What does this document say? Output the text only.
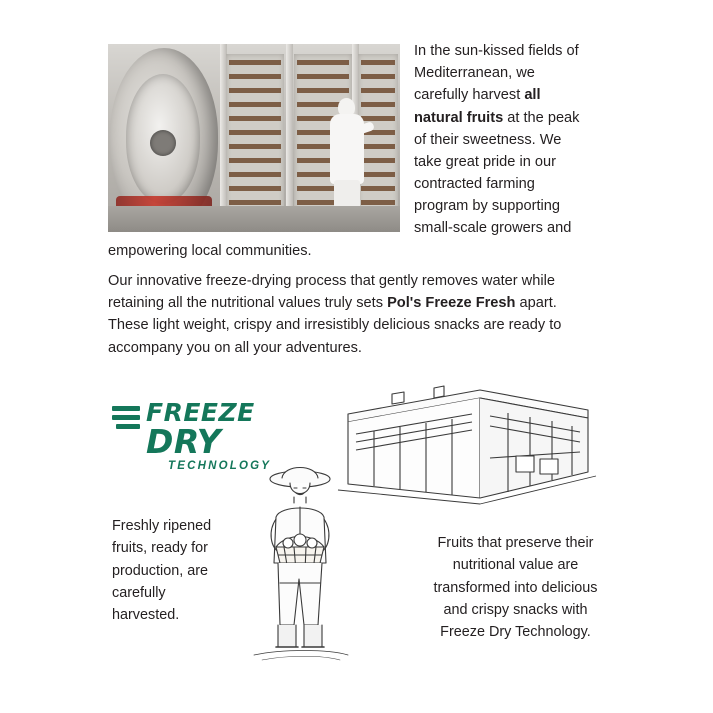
In the sun-kissed fields of Mediterranean, we carefully harvest all natural fruits at the peak of their sweetness. We take great pride in our contracted farming program by supporting small-scale growers and empowering local communities.

Our innovative freeze-drying process that gently removes water while retaining all the nutritional values truly sets Pol's Freeze Fresh apart. These light weight, crispy and irresistibly delicious snacks are ready to accompany you on all your adventures.

FREEZE
DRY
TECHNOLOGY
Freshly ripened fruits, ready for production, are carefully harvested.
Fruits that preserve their nutritional value are transformed into delicious and crispy snacks with Freeze Dry Technology.
